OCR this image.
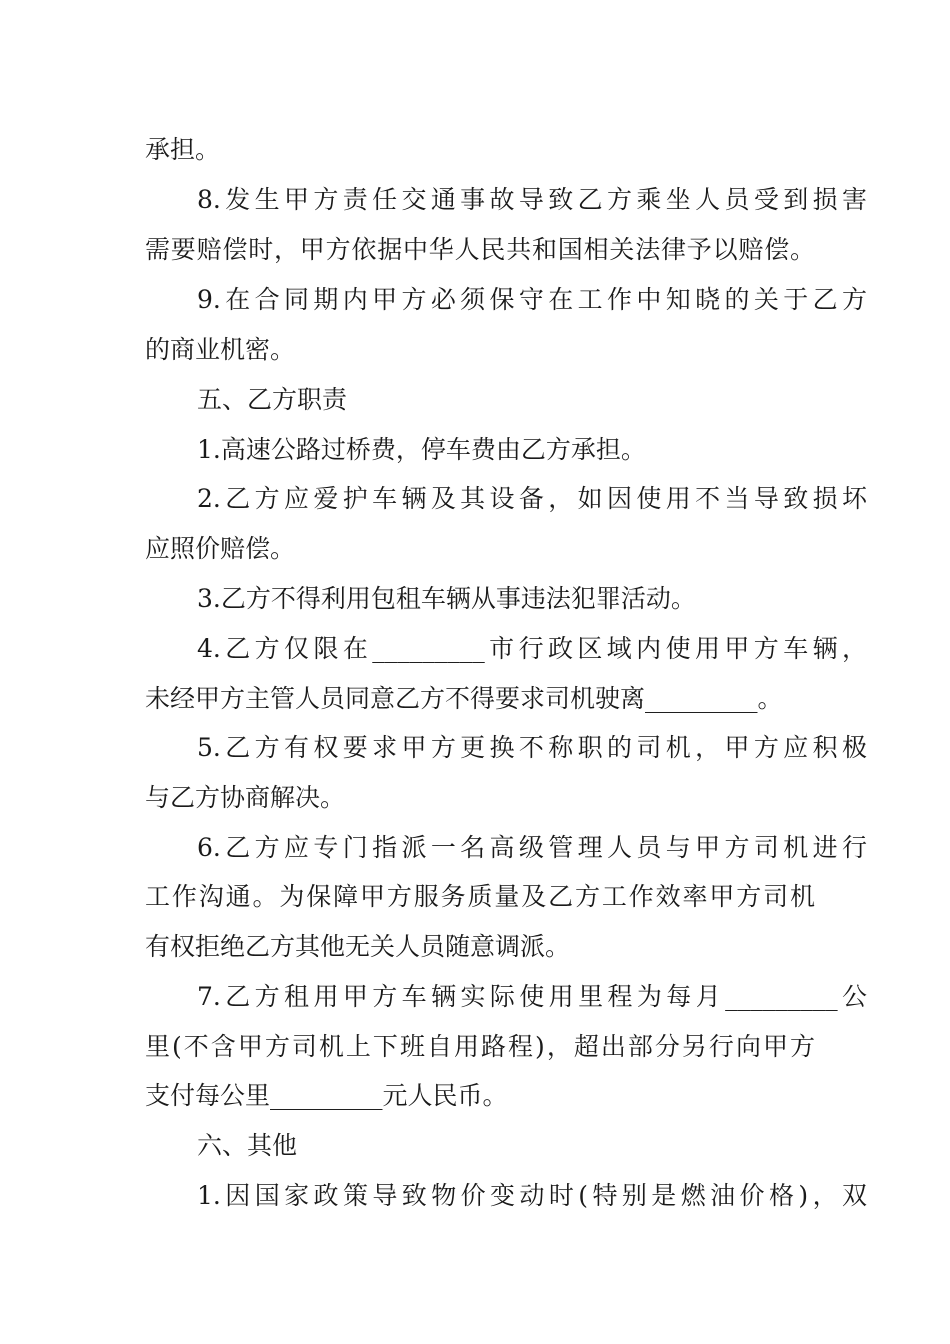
承担。
8.发生甲方责任交通事故导致乙方乘坐人员受到损害
需要赔偿时，甲方依据中华人民共和国相关法律予以赔偿。
9.在合同期内甲方必须保守在工作中知晓的关于乙方
的商业机密。
五、乙方职责
1.高速公路过桥费，停车费由乙方承担。
2.乙方应爱护车辆及其设备，如因使用不当导致损坏
应照价赔偿。
3.乙方不得利用包租车辆从事违法犯罪活动。
4.乙方仅限在_________市行政区域内使用甲方车辆，
未经甲方主管人员同意乙方不得要求司机驶离_________。
5.乙方有权要求甲方更换不称职的司机，甲方应积极
与乙方协商解决。
6.乙方应专门指派一名高级管理人员与甲方司机进行
工作沟通。为保障甲方服务质量及乙方工作效率甲方司机
有权拒绝乙方其他无关人员随意调派。
7.乙方租用甲方车辆实际使用里程为每月_________公
里(不含甲方司机上下班自用路程)，超出部分另行向甲方
支付每公里_________元人民币。
六、其他
1.因国家政策导致物价变动时(特别是燃油价格)，双
